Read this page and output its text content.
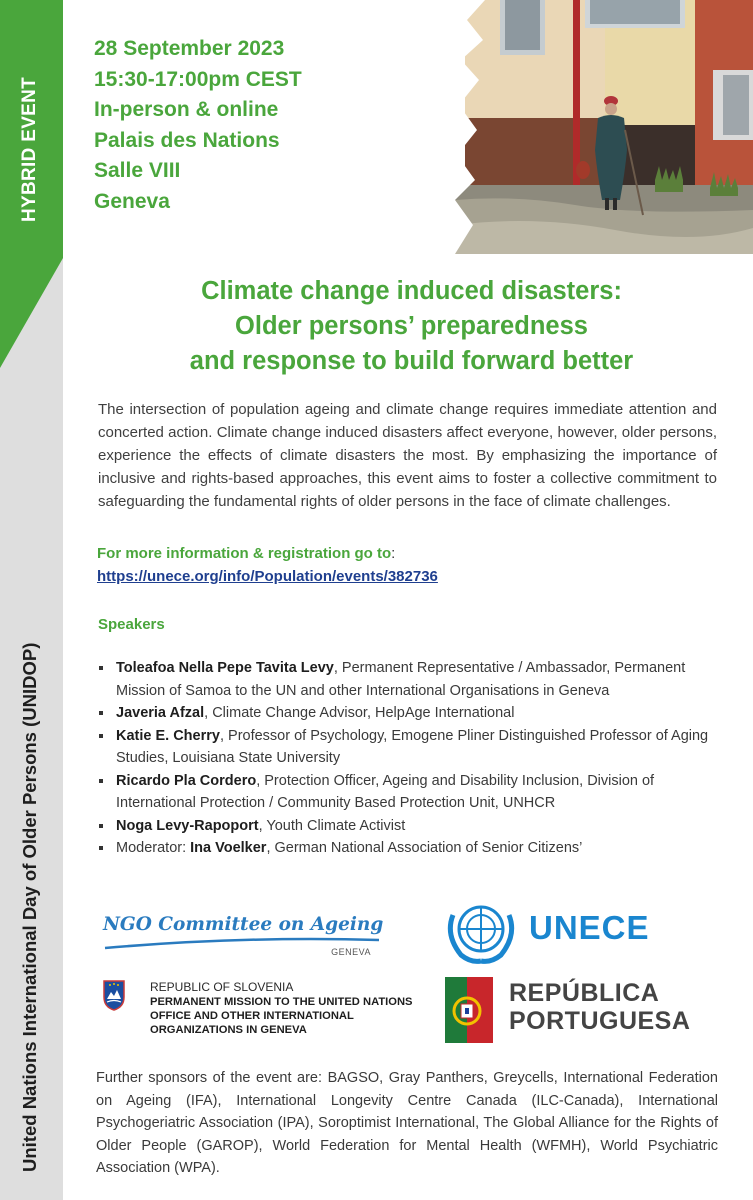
HYBRID EVENT
United Nations International Day of Older Persons (UNIDOP)
28 September 2023
15:30-17:00pm CEST
In-person & online
Palais des Nations
Salle VIII
Geneva
Climate change induced disasters:
Older persons’ preparedness
and response to build forward better
The intersection of population ageing and climate change requires immediate attention and concerted action. Climate change induced disasters affect everyone, however, older persons, experience the effects of climate disasters the most. By emphasizing the importance of inclusive and rights-based approaches, this event aims to foster a collective commitment to safeguarding the fundamental rights of older persons in the face of climate challenges.
For more information & registration go to:
https://unece.org/info/Population/events/382736
Speakers
Toleafoa Nella Pepe Tavita Levy, Permanent Representative / Ambassador, Permanent Mission of Samoa to the UN and other International Organisations in Geneva
Javeria Afzal, Climate Change Advisor, HelpAge International
Katie E. Cherry, Professor of Psychology, Emogene Pliner Distinguished Professor of Aging Studies, Louisiana State University
Ricardo Pla Cordero, Protection Officer, Ageing and Disability Inclusion, Division of International Protection / Community Based Protection Unit, UNHCR
Noga Levy-Rapoport, Youth Climate Activist
Moderator: Ina Voelker, German National Association of Senior Citizens’
NGO Committee on Ageing
GENEVA
UNECE
REPUBLIC OF SLOVENIA
PERMANENT MISSION TO THE UNITED NATIONS OFFICE AND OTHER INTERNATIONAL ORGANIZATIONS IN GENEVA
REPÚBLICA
PORTUGUESA
Further sponsors of the event are: BAGSO, Gray Panthers, Greycells, International Federation on Ageing (IFA), International Longevity Centre Canada (ILC-Canada), International Psychogeriatric Association (IPA), Soroptimist International, The Global Alliance for the Rights of Older People (GAROP), World Federation for Mental Health (WFMH), World Psychiatric Association (WPA).
